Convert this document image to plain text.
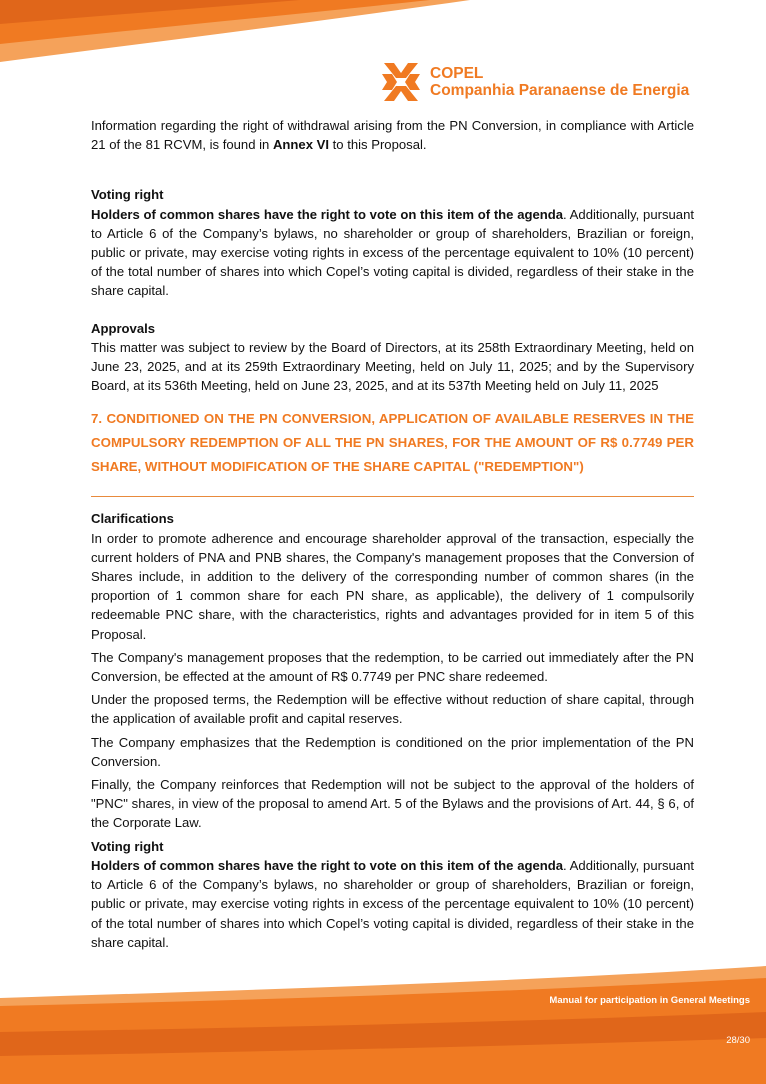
COPEL
Companhia Paranaense de Energia

Information regarding the right of withdrawal arising from the PN Conversion, in compliance with Article 21 of the 81 RCVM, is found in Annex VI to this Proposal.

Voting right

Holders of common shares have the right to vote on this item of the agenda. Additionally, pursuant to Article 6 of the Company’s bylaws, no shareholder or group of shareholders, Brazilian or foreign, public or private, may exercise voting rights in excess of the percentage equivalent to 10% (10 percent) of the total number of shares into which Copel’s voting capital is divided, regardless of their stake in the share capital.

Approvals

This matter was subject to review by the Board of Directors, at its 258th Extraordinary Meeting, held on June 23, 2025, and at its 259th Extraordinary Meeting, held on July 11, 2025; and by the Supervisory Board, at its 536th Meeting, held on June 23, 2025, and at its 537th Meeting held on July 11, 2025

7. CONDITIONED ON THE PN CONVERSION, APPLICATION OF AVAILABLE RESERVES IN THE COMPULSORY REDEMPTION OF ALL THE PN SHARES, FOR THE AMOUNT OF R$ 0.7749 PER SHARE, WITHOUT MODIFICATION OF THE SHARE CAPITAL ("REDEMPTION")

Clarifications

In order to promote adherence and encourage shareholder approval of the transaction, especially the current holders of PNA and PNB shares, the Company's management proposes that the Conversion of Shares include, in addition to the delivery of the corresponding number of common shares (in the proportion of 1 common share for each PN share, as applicable), the delivery of 1 compulsorily redeemable PNC share, with the characteristics, rights and advantages provided for in item 5 of this Proposal.

The Company's management proposes that the redemption, to be carried out immediately after the PN Conversion, be effected at the amount of R$ 0.7749 per PNC share redeemed.

Under the proposed terms, the Redemption will be effective without reduction of share capital, through the application of available profit and capital reserves.

The Company emphasizes that the Redemption is conditioned on the prior implementation of the PN Conversion.

Finally, the Company reinforces that Redemption will not be subject to the approval of the holders of "PNC" shares, in view of the proposal to amend Art. 5 of the Bylaws and the provisions of Art. 44, § 6, of the Corporate Law.

Voting right

Holders of common shares have the right to vote on this item of the agenda. Additionally, pursuant to Article 6 of the Company’s bylaws, no shareholder or group of shareholders, Brazilian or foreign, public or private, may exercise voting rights in excess of the percentage equivalent to 10% (10 percent) of the total number of shares into which Copel’s voting capital is divided, regardless of their stake in the share capital.

Manual for participation in General Meetings
28/30
